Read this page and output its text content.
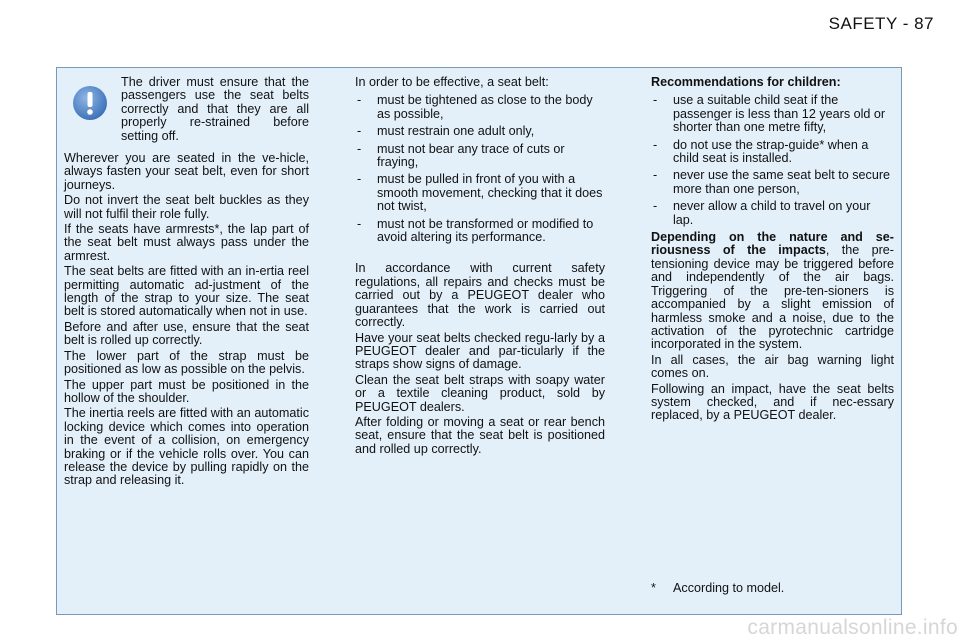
SAFETY - 87
The driver must ensure that the passengers use the seat belts correctly and that they are all properly re-strained before setting off.

Wherever you are seated in the ve-hicle, always fasten your seat belt, even for short journeys.

Do not invert the seat belt buckles as they will not fulfil their role fully.

If the seats have armrests*, the lap part of the seat belt must always pass under the armrest.

The seat belts are fitted with an in-ertia reel permitting automatic ad-justment of the length of the strap to your size. The seat belt is stored automatically when not in use.

Before and after use, ensure that the seat belt is rolled up correctly.

The lower part of the strap must be positioned as low as possible on the pelvis.

The upper part must be positioned in the hollow of the shoulder.

The inertia reels are fitted with an automatic locking device which comes into operation in the event of a collision, on emergency braking or if the vehicle rolls over. You can release the device by pulling rapidly on the strap and releasing it.

In order to be effective, a seat belt:

- must be tightened as close to the body as possible,
- must restrain one adult only,
- must not bear any trace of cuts or fraying,
- must be pulled in front of you with a smooth movement, checking that it does not twist,
- must not be transformed or modified to avoid altering its performance.

In accordance with current safety regulations, all repairs and checks must be carried out by a PEUGEOT dealer who guarantees that the work is carried out correctly.

Have your seat belts checked regu-larly by a PEUGEOT dealer and par-ticularly if the straps show signs of damage.

Clean the seat belt straps with soapy water or a textile cleaning product, sold by PEUGEOT dealers.

After folding or moving a seat or rear bench seat, ensure that the seat belt is positioned and rolled up correctly.

Recommendations for children:

- use a suitable child seat if the passenger is less than 12 years old or shorter than one metre fifty,
- do not use the strap-guide* when a child seat is installed.
- never use the same seat belt to secure more than one person,
- never allow a child to travel on your lap.

Depending on the nature and se-riousness of the impacts, the pre-tensioning device may be triggered before and independently of the air bags. Triggering of the pre-ten-sioners is accompanied by a slight emission of harmless smoke and a noise, due to the activation of the pyrotechnic cartridge incorporated in the system.

In all cases, the air bag warning light comes on.

Following an impact, have the seat belts system checked, and if nec-essary replaced, by a PEUGEOT dealer.

* According to model.
carmanualsonline.info
